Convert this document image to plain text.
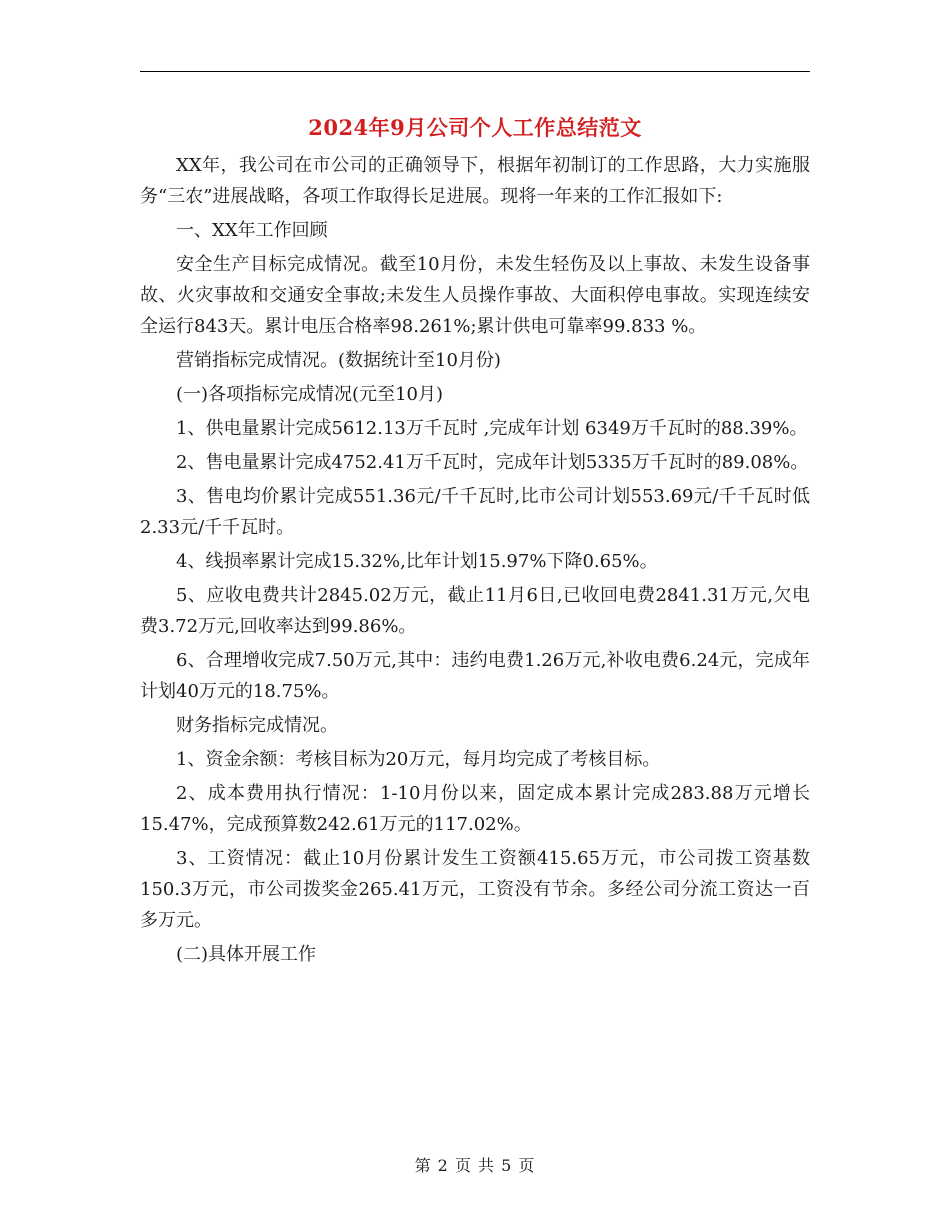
2024年9月公司个人工作总结范文

XX年，我公司在市公司的正确领导下，根据年初制订的工作思路，大力实施服务“三农”进展战略，各项工作取得长足进展。现将一年来的工作汇报如下:

一、XX年工作回顾

安全生产目标完成情况。截至10月份，未发生轻伤及以上事故、未发生设备事故、火灾事故和交通安全事故;未发生人员操作事故、大面积停电事故。实现连续安全运行843天。累计电压合格率98.261%;累计供电可靠率99.833 %。

营销指标完成情况。(数据统计至10月份)

(一)各项指标完成情况(元至10月)

1、供电量累计完成5612.13万千瓦时 ,完成年计划 6349万千瓦时的88.39%。

2、售电量累计完成4752.41万千瓦时，完成年计划5335万千瓦时的89.08%。

3、售电均价累计完成551.36元/千千瓦时,比市公司计划553.69元/千千瓦时低2.33元/千千瓦时。

4、线损率累计完成15.32%,比年计划15.97%下降0.65%。

5、应收电费共计2845.02万元，截止11月6日,已收回电费2841.31万元,欠电费3.72万元,回收率达到99.86%。

6、合理增收完成7.50万元,其中：违约电费1.26万元,补收电费6.24元，完成年计划40万元的18.75%。

财务指标完成情况。

1、资金余额：考核目标为20万元，每月均完成了考核目标。

2、成本费用执行情况：1-10月份以来，固定成本累计完成283.88万元增长15.47%，完成预算数242.61万元的117.02%。

3、工资情况：截止10月份累计发生工资额415.65万元，市公司拨工资基数150.3万元，市公司拨奖金265.41万元，工资没有节余。多经公司分流工资达一百多万元。

(二)具体开展工作

第 2 页 共 5 页
